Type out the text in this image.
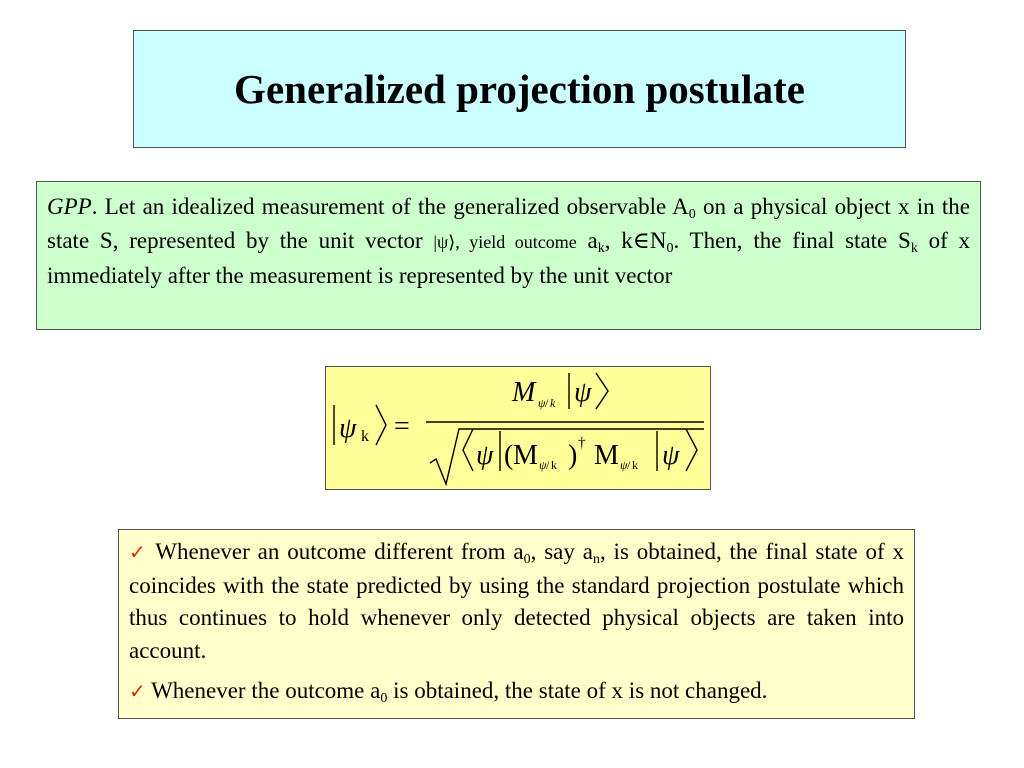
Generalized projection postulate
GPP. Let an idealized measurement of the generalized observable $A_0$ on a physical object x in the state S, represented by the unit vector |ψ⟩, yield outcome $a_k$, $k\in N_0$. Then, the final state $S_k$ of x immediately after the measurement is represented by the unit vector
ψ k =
M ψ / k ψ
ψ ( M ψ / k ) † M ψ / k ψ

✓ Whenever an outcome different from $a_0$, say $a_n$, is obtained, the final state of x coincides with the state predicted by using the standard projection postulate which thus continues to hold whenever only detected physical objects are taken into account.

✓ Whenever the outcome $a_0$ is obtained, the state of x is not changed.
